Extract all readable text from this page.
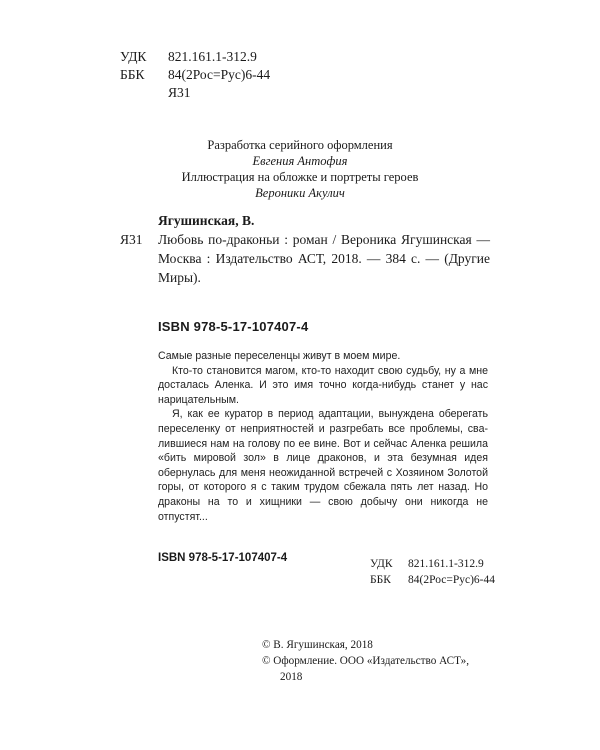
УДК 821.161.1-312.9
ББК 84(2Рос=Рус)6-44
Я31
Разработка серийного оформления
Евгения Антофия
Иллюстрация на обложке и портреты героев
Вероники Акулич
Ягушинская, В.
Я31 Любовь по-драконьи : роман / Вероника Ягушинская — Москва : Издательство АСТ, 2018. — 384 с. — (Другие Миры).
ISBN 978-5-17-107407-4

Самые разные переселенцы живут в моем мире.

Кто-то становится магом, кто-то находит свою судьбу, ну а мне досталась Аленка. И это имя точно когда-нибудь станет у нас нарицательным.

Я, как ее куратор в период адаптации, вынуждена оберегать переселенку от неприятностей и разгребать все проблемы, свалившиеся нам на голову по ее вине. Вот и сейчас Аленка решила «бить мировой зол» в лице драконов, и эта безумная идея обернулась для меня неожиданной встречей с Хозяином Золотой горы, от которого я с таким трудом сбежала пять лет назад. Но драконы на то и хищники — свою добычу они никогда не отпустят...

ISBN 978-5-17-107407-4	УДК 821.161.1-312.9
ББК 84(2Рос=Рус)6-44
© В. Ягушинская, 2018
© Оформление. ООО «Издательство АСТ»,
2018
